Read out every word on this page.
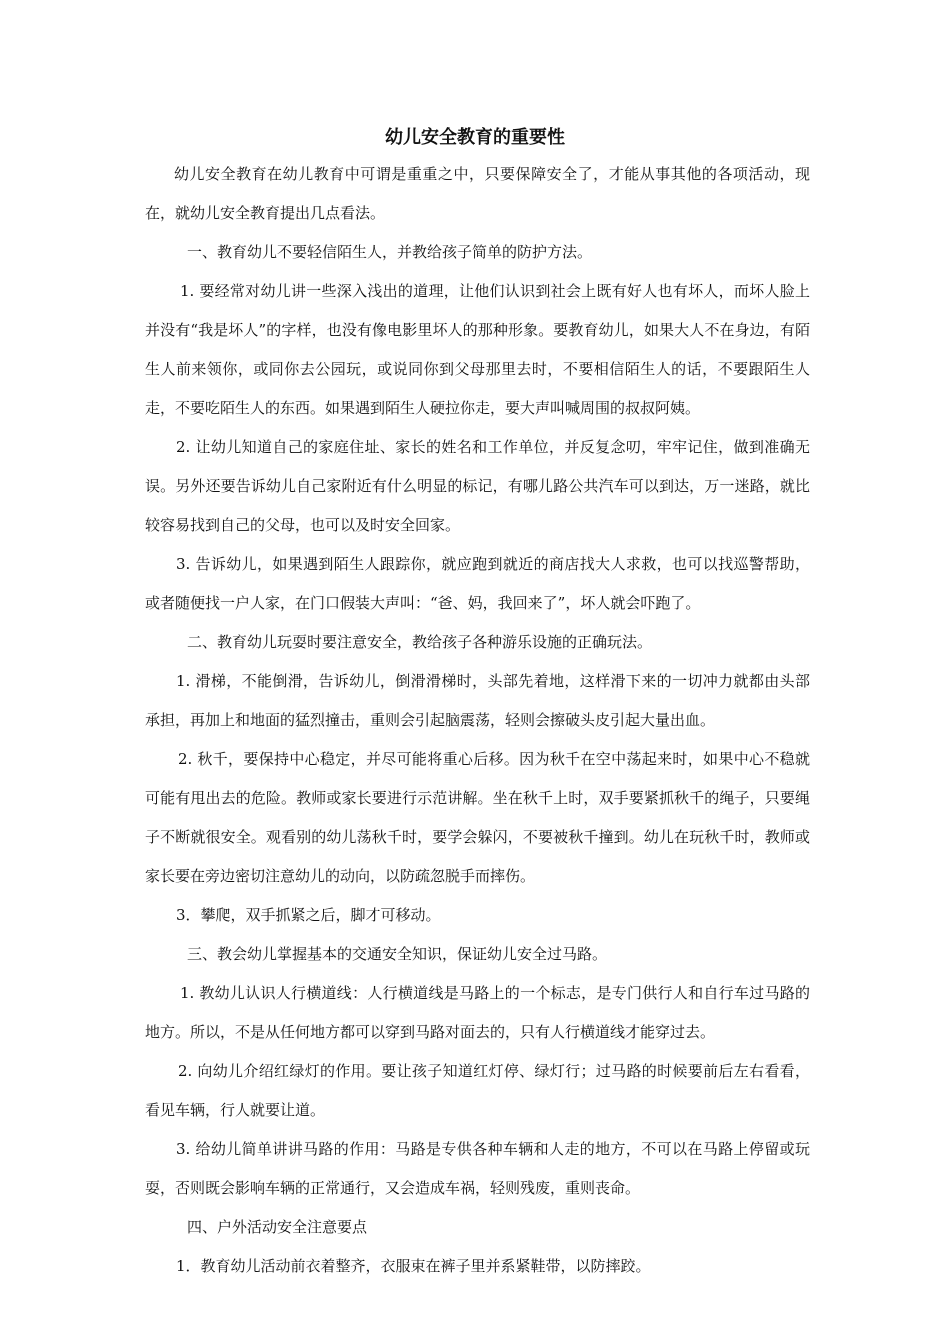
幼儿安全教育的重要性

幼儿安全教育在幼儿教育中可谓是重重之中，只要保障安全了，才能从事其他的各项活动，现在，就幼儿安全教育提出几点看法。

一、教育幼儿不要轻信陌生人，并教给孩子简单的防护方法。

1. 要经常对幼儿讲一些深入浅出的道理，让他们认识到社会上既有好人也有坏人，而坏人脸上并没有“我是坏人”的字样，也没有像电影里坏人的那种形象。要教育幼儿，如果大人不在身边，有陌生人前来领你，或同你去公园玩，或说同你到父母那里去时，不要相信陌生人的话，不要跟陌生人走，不要吃陌生人的东西。如果遇到陌生人硬拉你走，要大声叫喊周围的叔叔阿姨。

2. 让幼儿知道自己的家庭住址、家长的姓名和工作单位，并反复念叨，牢牢记住，做到准确无误。另外还要告诉幼儿自己家附近有什么明显的标记，有哪儿路公共汽车可以到达，万一迷路，就比较容易找到自己的父母，也可以及时安全回家。

3. 告诉幼儿，如果遇到陌生人跟踪你，就应跑到就近的商店找大人求救，也可以找巡警帮助，或者随便找一户人家，在门口假装大声叫：“爸、妈，我回来了”，坏人就会吓跑了。

二、教育幼儿玩耍时要注意安全，教给孩子各种游乐设施的正确玩法。

1. 滑梯，不能倒滑，告诉幼儿，倒滑滑梯时，头部先着地，这样滑下来的一切冲力就都由头部承担，再加上和地面的猛烈撞击，重则会引起脑震荡，轻则会擦破头皮引起大量出血。

2. 秋千，要保持中心稳定，并尽可能将重心后移。因为秋千在空中荡起来时，如果中心不稳就可能有甩出去的危险。教师或家长要进行示范讲解。坐在秋千上时，双手要紧抓秋千的绳子，只要绳子不断就很安全。观看别的幼儿荡秋千时，要学会躲闪，不要被秋千撞到。幼儿在玩秋千时，教师或家长要在旁边密切注意幼儿的动向，以防疏忽脱手而摔伤。

3．攀爬，双手抓紧之后，脚才可移动。

三、教会幼儿掌握基本的交通安全知识，保证幼儿安全过马路。

1. 教幼儿认识人行横道线：人行横道线是马路上的一个标志，是专门供行人和自行车过马路的地方。所以，不是从任何地方都可以穿到马路对面去的，只有人行横道线才能穿过去。

2. 向幼儿介绍红绿灯的作用。要让孩子知道红灯停、绿灯行；过马路的时候要前后左右看看，看见车辆，行人就要让道。

3. 给幼儿简单讲讲马路的作用：马路是专供各种车辆和人走的地方，不可以在马路上停留或玩耍，否则既会影响车辆的正常通行，又会造成车祸，轻则残废，重则丧命。

四、户外活动安全注意要点

1．教育幼儿活动前衣着整齐，衣服束在裤子里并系紧鞋带，以防摔跤。
